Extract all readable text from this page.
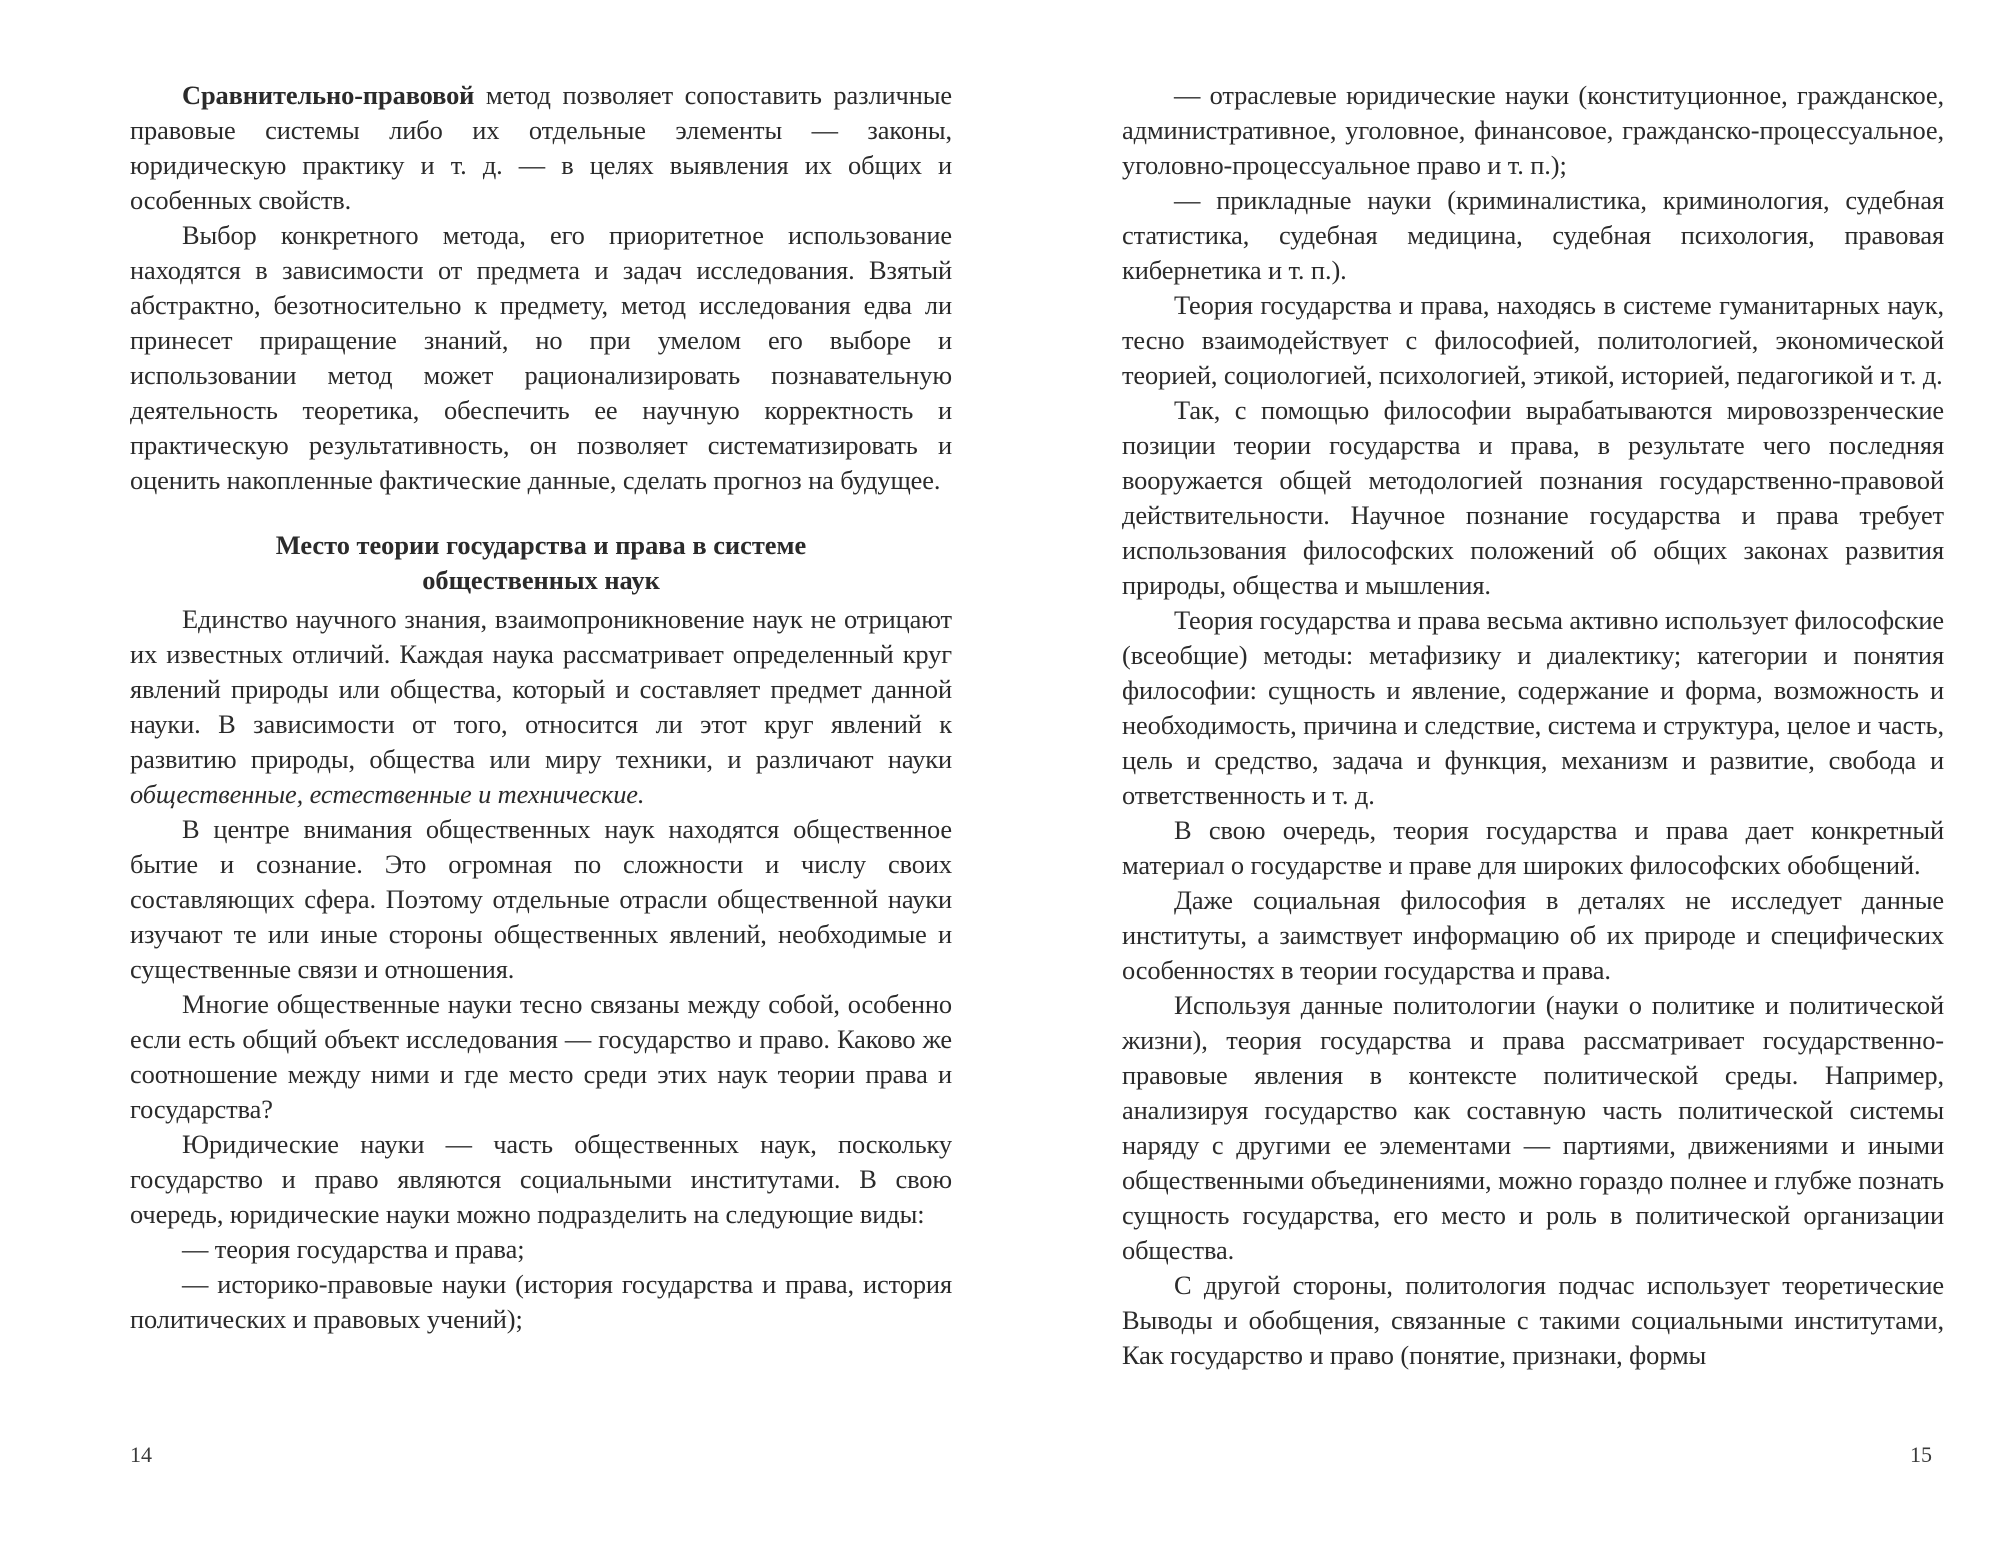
Сравнительно-правовой метод позволяет сопоставить различные правовые системы либо их отдельные элементы — законы, юридическую практику и т. д. — в целях выявления их общих и особенных свойств.

Выбор конкретного метода, его приоритетное использование находятся в зависимости от предмета и задач исследования. Взятый абстрактно, безотносительно к предмету, метод исследования едва ли принесет приращение знаний, но при умелом его выборе и использовании метод может рационализировать познавательную деятельность теоретика, обеспечить ее научную корректность и практическую результативность, он позволяет систематизировать и оценить накопленные фактические данные, сделать прогноз на будущее.

Место теории государства и права в системе
общественных наук

Единство научного знания, взаимопроникновение наук не отрицают их известных отличий. Каждая наука рассматривает определенный круг явлений природы или общества, который и составляет предмет данной науки. В зависимости от того, относится ли этот круг явлений к развитию природы, общества или миру техники, и различают науки общественные, естественные и технические.

В центре внимания общественных наук находятся общественное бытие и сознание. Это огромная по сложности и числу своих составляющих сфера. Поэтому отдельные отрасли общественной науки изучают те или иные стороны общественных явлений, необходимые и существенные связи и отношения.

Многие общественные науки тесно связаны между собой, особенно если есть общий объект исследования — государство и право. Каково же соотношение между ними и где место среди этих наук теории права и государства?

Юридические науки — часть общественных наук, поскольку государство и право являются социальными институтами. В свою очередь, юридические науки можно подразделить на следующие виды:

— теория государства и права;

— историко-правовые науки (история государства и права, история политических и правовых учений);

— отраслевые юридические науки (конституционное, гражданское, административное, уголовное, финансовое, гражданско-процессуальное, уголовно-процессуальное право и т. п.);

— прикладные науки (криминалистика, криминология, судебная статистика, судебная медицина, судебная психология, правовая кибернетика и т. п.).

Теория государства и права, находясь в системе гуманитарных наук, тесно взаимодействует с философией, политологией, экономической теорией, социологией, психологией, этикой, историей, педагогикой и т. д.

Так, с помощью философии вырабатываются мировоззренческие позиции теории государства и права, в результате чего последняя вооружается общей методологией познания государственно-правовой действительности. Научное познание государства и права требует использования философских положений об общих законах развития природы, общества и мышления.

Теория государства и права весьма активно использует философские (всеобщие) методы: метафизику и диалектику; категории и понятия философии: сущность и явление, содержание и форма, возможность и необходимость, причина и следствие, система и структура, целое и часть, цель и средство, задача и функция, механизм и развитие, свобода и ответственность и т. д.

В свою очередь, теория государства и права дает конкретный материал о государстве и праве для широких философских обобщений.

Даже социальная философия в деталях не исследует данные институты, а заимствует информацию об их природе и специфических особенностях в теории государства и права.

Используя данные политологии (науки о политике и политической жизни), теория государства и права рассматривает государственно-правовые явления в контексте политической среды. Например, анализируя государство как составную часть политической системы наряду с другими ее элементами — партиями, движениями и иными общественными объединениями, можно гораздо полнее и глубже познать сущность государства, его место и роль в политической организации общества.

С другой стороны, политология подчас использует теоретические Выводы и обобщения, связанные с такими социальными институтами, Как государство и право (понятие, признаки, формы

14	15
